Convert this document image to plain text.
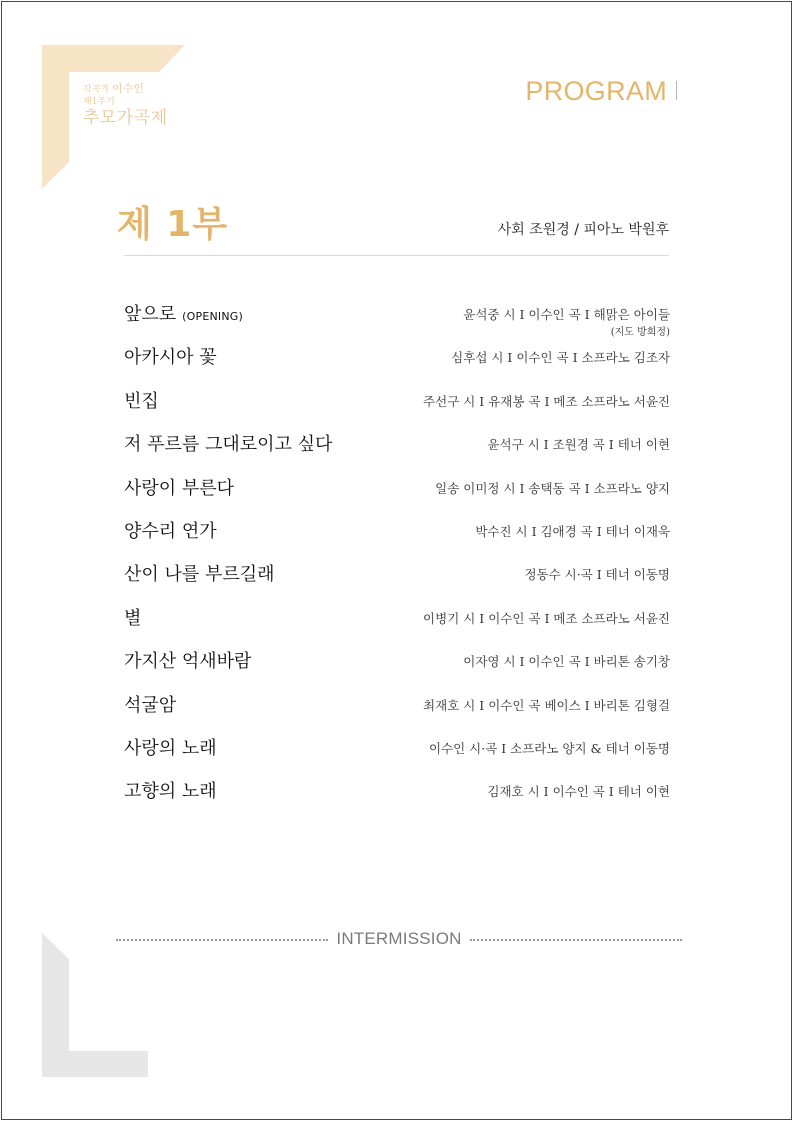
작곡가 이수인
제1주기
추모가곡제
PROGRAM
제 1부	사회 조원경 / 피아노 박원후
앞으로 (OPENING)	윤석중 시 I 이수인 곡 I 해맑은 아이들
(지도 방희정)
아카시아 꽃	심후섭 시 I 이수인 곡 I 소프라노 김조자
빈집	주선구 시 I 유재봉 곡 I 메조 소프라노 서윤진
저 푸르름 그대로이고 싶다	윤석구 시 I 조원경 곡 I 테너 이현
사랑이 부른다	일송 이미정 시 I 송택동 곡 I 소프라노 양지
양수리 연가	박수진 시 I 김애경 곡 I 테너 이재욱
산이 나를 부르길래	정동수 시·곡 I 테너 이동명
별	이병기 시 I 이수인 곡 I 메조 소프라노 서윤진
가지산 억새바람	이자영 시 I 이수인 곡 I 바리톤 송기창
석굴암	최재호 시 I 이수인 곡 베이스 I 바리톤 김형걸
사랑의 노래	이수인 시·곡 I 소프라노 양지 & 테너 이동명
고향의 노래	김재호 시 I 이수인 곡 I 테너 이현
INTERMISSION
